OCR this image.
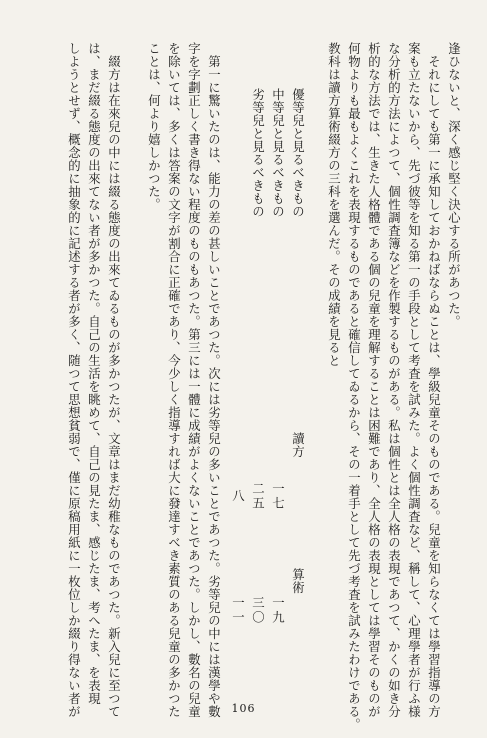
逢ひないと、深く感じ堅く決心する所があつた。
それにしても第一に承知しておかねばならぬことは、學級兒童そのものである。兒童を知らなくては學習指導の方
案も立たないから、先づ彼等を知る第一の手段として考査を試みた。よく個性調査など、稱して、心理學者が行ふ様
な分析的方法によつて、個性調査簿などを作製するものがある。私は個性とは全人格の表現であつて、かくの如き分
析的な方法では、生きた人格體である個の兒童を理解することは困難であり、全人格の表現としては學習そのものが
何物よりも最もよくこれを表現するものであると確信してゐるから、その一着手として先づ考査を試みたわけである。
教科は讀方算術綴方の三科を選んだ。その成績を見ると
優等兒と見るべきもの
中等兒と見るべきもの
劣等兒と見るべきもの
第一に驚いたのは、能力の差の甚しいことであつた。次には劣等兒の多いことであつた。劣等兒の中には漢學や數
字を字劃正しく書き得ない程度のものもあつた。第三には一體に成績がよくないことであつた。しかし、數名の兒童
を除いては、多くは答案の文字が割合に正確であり、今少しく指導すれば大に發達すべき素質のある兒童の多かつた
ことは、何より嬉しかつた。
讀方
算術
一七
一九
二五
三〇
八
一一
綴方は在來兒の中には綴る態度の出來てゐるものが多かつたが、文章はまだ幼稚なものであつた。新入兒に至つて
は、まだ綴る態度の出來てない者が多かつた。自己の生活を眺めて、自己の見たま、感じたま、考へたま、を表現
しようとせず、概念的に抽象的に記述する者が多く、随つて思想貧弱で、僅に原稿用紙に一枚位しか綴り得ない者が	106
